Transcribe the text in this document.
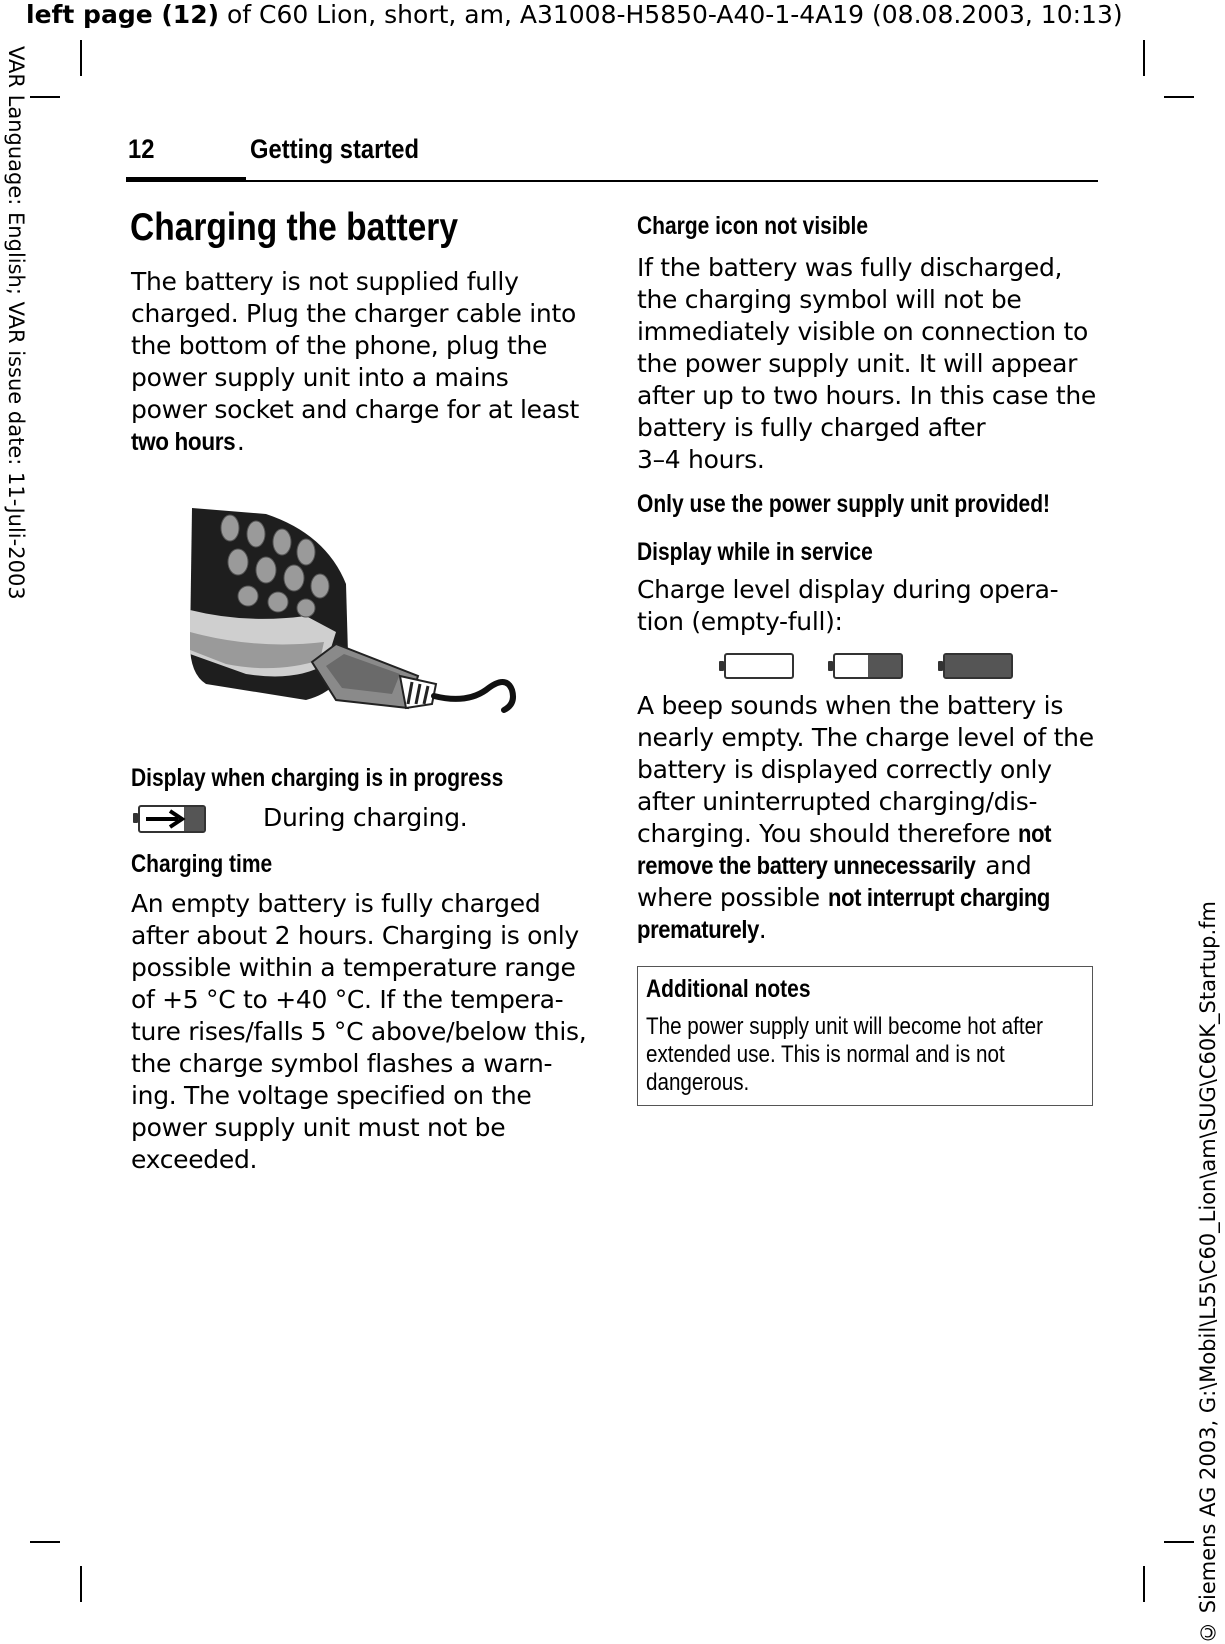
left page (12) of C60 Lion, short, am, A31008-H5850-A40-1-4A19 (08.08.2003, 10:13)
VAR Language: English; VAR issue date: 11-Juli-2003
© Siemens AG 2003, G:\Mobil\L55\C60_Lion\am\SUG\C60K_Startup.fm
12	Getting started
Charging the battery
The battery is not supplied fully
charged. Plug the charger cable into
the bottom of the phone, plug the
power supply unit into a mains
power socket and charge for at least
two hours.
Display when charging is in progress
During charging.
Charging time
An empty battery is fully charged
after about 2 hours. Charging is only
possible within a temperature range
of +5 °C to +40 °C. If the tempera-
ture rises/falls 5 °C above/below this,
the charge symbol flashes a warn-
ing. The voltage specified on the
power supply unit must not be
exceeded.
Charge icon not visible
If the battery was fully discharged,
the charging symbol will not be
immediately visible on connection to
the power supply unit. It will appear
after up to two hours. In this case the
battery is fully charged after
3–4 hours.
Only use the power supply unit provided!
Display while in service
Charge level display during opera-
tion (empty-full):
A beep sounds when the battery is
nearly empty. The charge level of the
battery is displayed correctly only
after uninterrupted charging/dis-
charging. You should therefore not
remove the battery unnecessarily and
where possible not interrupt charging
prematurely.
Additional notes
The power supply unit will become hot after
extended use. This is normal and is not
dangerous.
